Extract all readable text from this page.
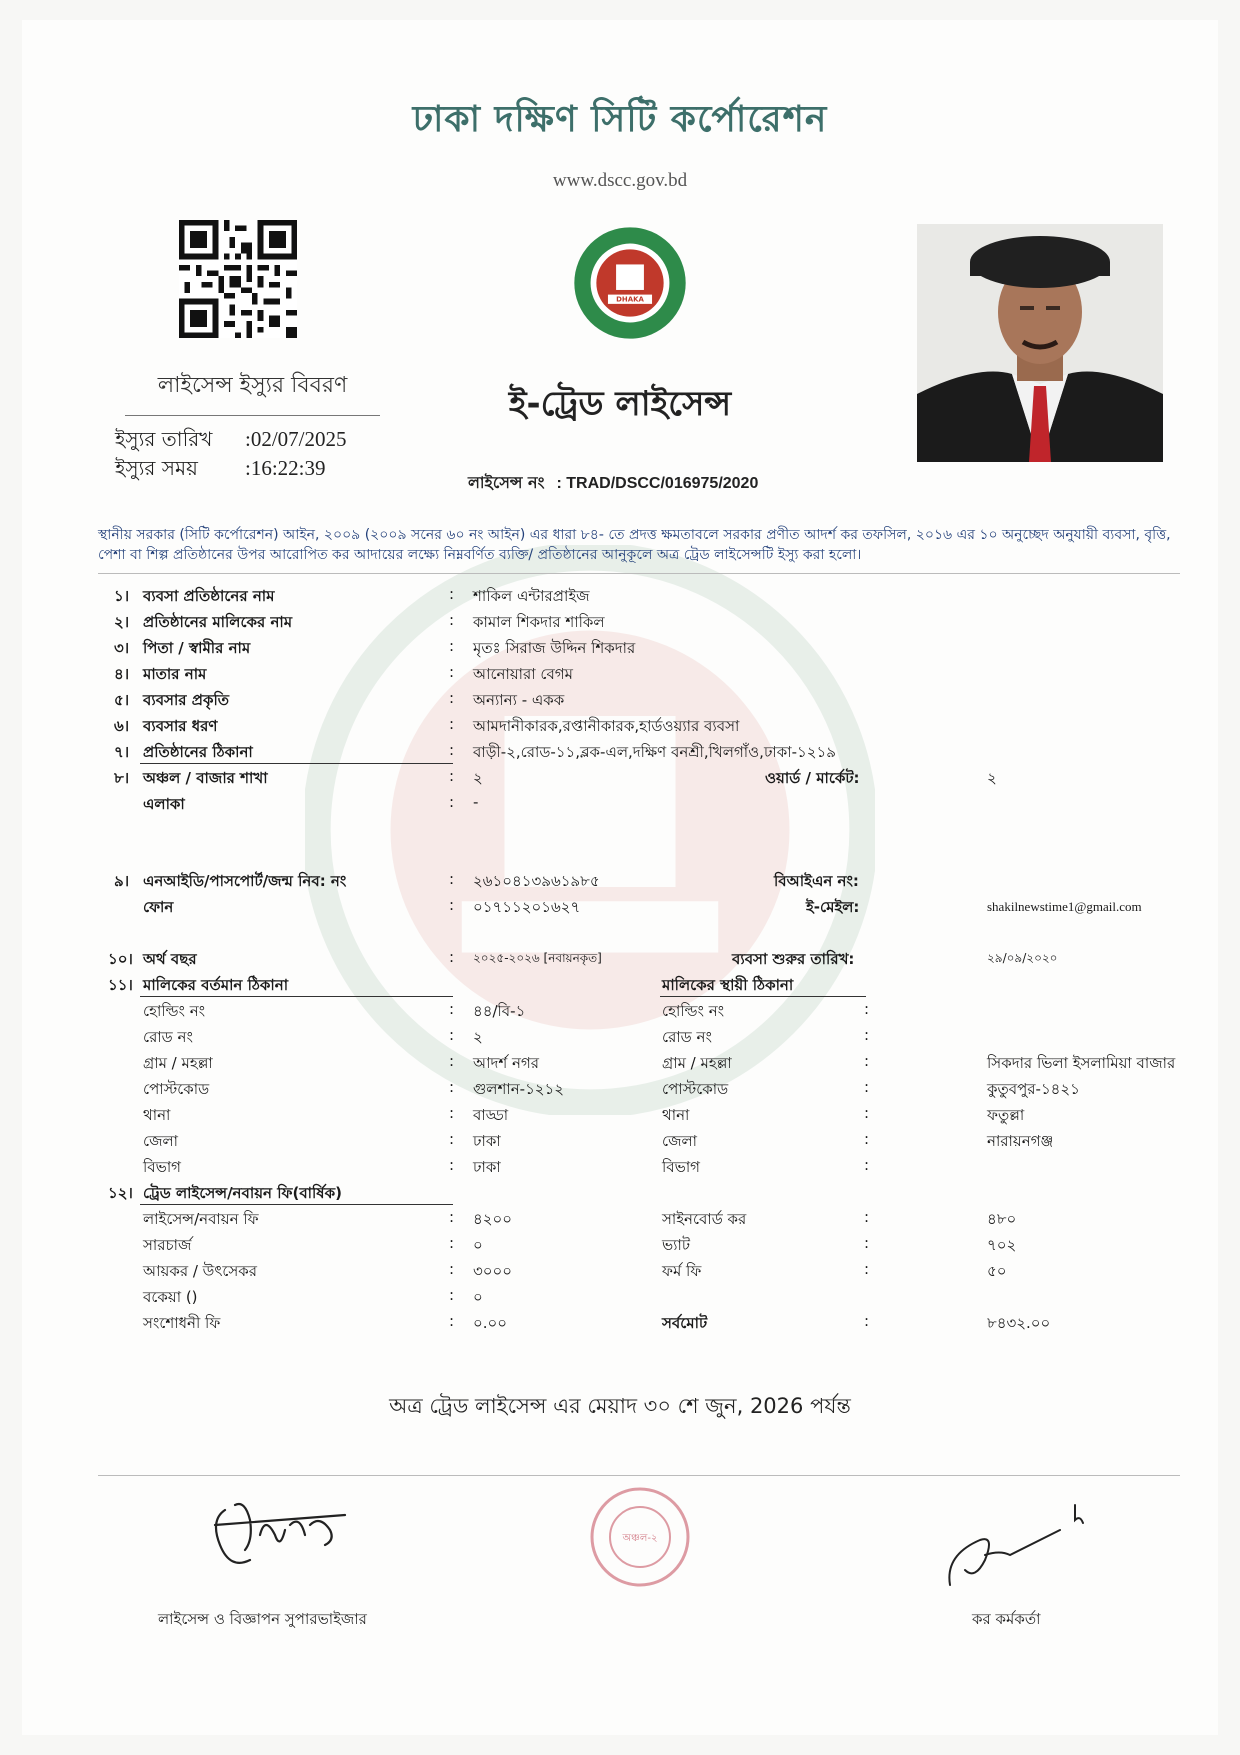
ঢাকা দক্ষিণ সিটি কর্পোরেশন
www.dscc.gov.bd
DHAKA
লাইসেন্স ইস্যুর বিবরণ
ইস্যুর তারিখ :02/07/2025
ইস্যুর সময় :16:22:39
ই-ট্রেড লাইসেন্স
লাইসেন্স নং : TRAD/DSCC/016975/2020
স্থানীয় সরকার (সিটি কর্পোরেশন) আইন, ২০০৯ (২০০৯ সনের ৬০ নং আইন) এর ধারা ৮৪- তে প্রদত্ত ক্ষমতাবলে সরকার প্রণীত আদর্শ কর তফসিল, ২০১৬ এর ১০ অনুচ্ছেদ অনুযায়ী ব্যবসা, বৃত্তি, পেশা বা শিল্প প্রতিষ্ঠানের উপর আরোপিত কর আদায়ের লক্ষ্যে নিম্নবর্ণিত ব্যক্তি/ প্রতিষ্ঠানের আনুকূলে অত্র ট্রেড লাইসেন্সটি ইস্যু করা হলো।
১। ব্যবসা প্রতিষ্ঠানের নাম	: শাকিল এন্টারপ্রাইজ
২। প্রতিষ্ঠানের মালিকের নাম	: কামাল শিকদার শাকিল
৩। পিতা / স্বামীর নাম	: মৃতঃ সিরাজ উদ্দিন শিকদার
৪। মাতার নাম	: আনোয়ারা বেগম
৫। ব্যবসার প্রকৃতি	: অন্যান্য - একক
৬। ব্যবসার ধরণ	: আমদানীকারক,রপ্তানীকারক,হার্ডওয়্যার ব্যবসা
৭। প্রতিষ্ঠানের ঠিকানা	: বাড়ী-২,রোড-১১,ব্লক-এল,দক্ষিণ বনশ্রী,খিলগাঁও,ঢাকা-১২১৯
৮। অঞ্চল / বাজার শাখা	: ২	ওয়ার্ড / মার্কেট:	২
এলাকা	: -
৯। এনআইডি/পাসপোর্ট/জন্ম নিব: নং	: ২৬১০৪১৩৯৬১৯৮৫	বিআইএন নং:
ফোন	: ০১৭১১২০১৬২৭	ই-মেইল:	shakilnewstime1@gmail.com
১০। অর্থ বছর	: ২০২৫-২০২৬ [নবায়নকৃত]	ব্যবসা শুরুর তারিখ:	২৯/০৯/২০২০
১১। মালিকের বর্তমান ঠিকানা	মালিকের স্থায়ী ঠিকানা
হোল্ডিং নং	: ৪৪/বি-১	হোল্ডিং নং	:
রোড নং	: ২	রোড নং	:
গ্রাম / মহল্লা	: আদর্শ নগর	গ্রাম / মহল্লা	:	সিকদার ভিলা ইসলামিয়া বাজার
পোস্টকোড	: গুলশান-১২১২	পোস্টকোড	:	কুতুবপুর-১৪২১
থানা	: বাড্ডা	থানা	:	ফতুল্লা
জেলা	: ঢাকা	জেলা	:	নারায়নগঞ্জ
বিভাগ	: ঢাকা	বিভাগ	:
১২। ট্রেড লাইসেন্স/নবায়ন ফি(বার্ষিক)
লাইসেন্স/নবায়ন ফি	: ৪২০০	সাইনবোর্ড কর	:	৪৮০
সারচার্জ	: ০	ভ্যাট	:	৭০২
আয়কর / উৎসেকর	: ৩০০০	ফর্ম ফি	:	৫০
বকেয়া ()	: ০
সংশোধনী ফি	: ০.০০	সর্বমোট	:	৮৪৩২.০০
অত্র ট্রেড লাইসেন্স এর মেয়াদ ৩০ শে জুন, 2026 পর্যন্ত
অঞ্চল-২
লাইসেন্স ও বিজ্ঞাপন সুপারভাইজার	কর কর্মকর্তা
